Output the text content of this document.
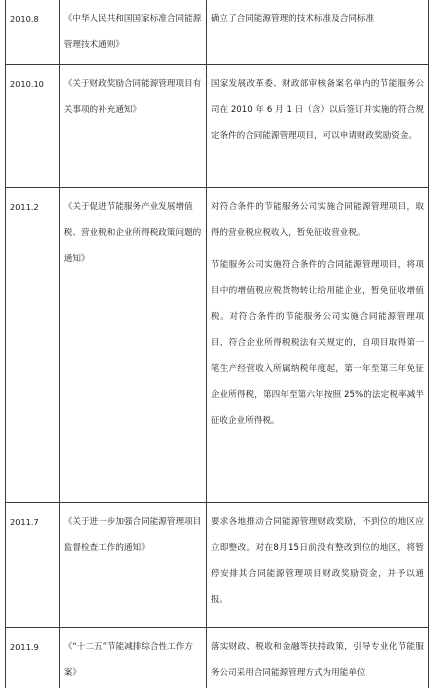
2010.8	《中华人民共和国国家标准合同能源管理技术通则》	确立了合同能源管理的技术标准及合同标准

2010.10	《关于财政奖励合同能源管理项目有关事项的补充通知》	国家发展改革委、财政部审核备案名单内的节能服务公司在 2010 年 6 月 1 日（含）以后签订并实施的符合规定条件的合同能源管理项目，可以申请财政奖励资金。

2011.2	《关于促进节能服务产业发展增值税、营业税和企业所得税政策问题的通知》	对符合条件的节能服务公司实施合同能源管理项目，取得的营业税应税收入，暂免征收营业税。
节能服务公司实施符合条件的合同能源管理项目，将项目中的增值税应税货物转让给用能企业，暂免征收增值税。对符合条件的节能服务公司实施合同能源管理项目，符合企业所得税税法有关规定的，自项目取得第一笔生产经营收入所属纳税年度起，第一年至第三年免征企业所得税，第四年至第六年按照 25%的法定税率减半征收企业所得税。

2011.7	《关于进一步加强合同能源管理项目监督检查工作的通知》	要求各地推动合同能源管理财政奖励，不到位的地区应立即整改。对在8月15日前没有整改到位的地区，将暂停安排其合同能源管理项目财政奖励资金，并予以通报。

2011.9	《“十二五”节能减排综合性工作方案》	落实财政、税收和金融等扶持政策，引导专业化节能服务公司采用合同能源管理方式为用能单位
